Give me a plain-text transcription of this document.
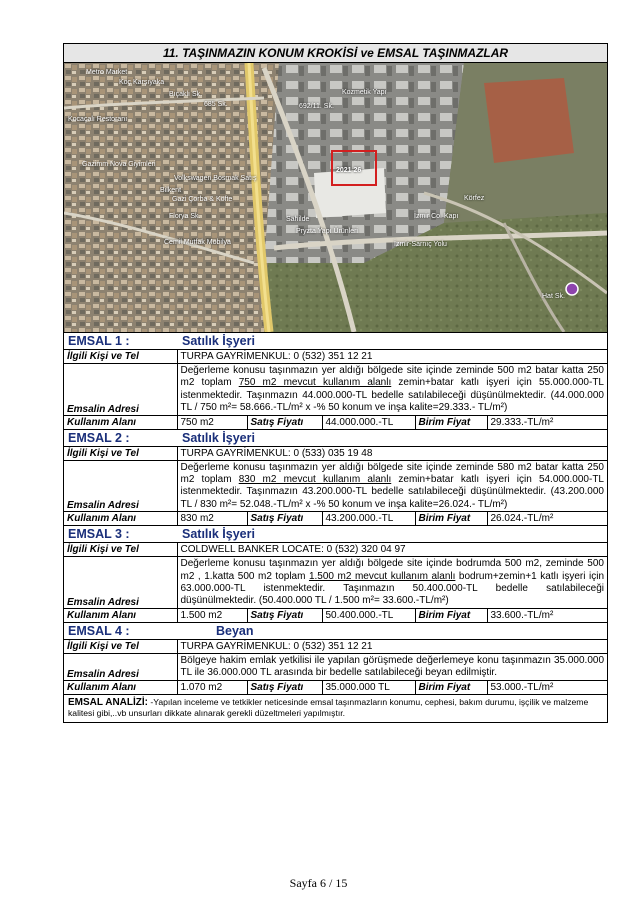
11. TAŞINMAZIN KONUM KROKİSİ ve EMSAL TAŞINMAZLAR
Metro Market
Koç Karşıyaka
Bıçaklı Sk.
692/11. Sk.
685 Sk.
Kocaçalı Restoranı
Kozmetik Yapı
Gazimm Nova Giyimleri
Volkswagen Bosmak Satış
Bilkent
Gazi Çorba & Köfte
Florya Sk.
Cemil Mutfak Mobilya
Sahilde
Pryzta Yapı Ürünleri
İzmir Co. Kapı
İzmir-Sarnıç Yolu
Körfez
Hat Sk.
2021 26
EMSAL 1 :	Satılık İşyeri
İlgili Kişi ve Tel	TURPA GAYRİMENKUL: 0 (532) 351 12 21				
Emsalin Adresi	Değerleme konusu taşınmazın yer aldığı bölgede site içinde zeminde 500 m2 batar katta 250 m2 toplam 750 m2 mevcut kullanım alanlı zemin+batar katlı işyeri için 55.000.000-TL istenmektedir. Taşınmazın 44.000.000-TL bedelle satılabileceği düşünülmektedir. (44.000.000 TL / 750 m²= 58.666.-TL/m² x -% 50 konum ve inşa kalite=29.333.- TL/m²)				
Kullanım Alanı	750 m2	Satış Fiyatı	44.000.000.-TL	Birim Fiyat	29.333.-TL/m²
EMSAL 2 :	Satılık İşyeri
İlgili Kişi ve Tel	TURPA GAYRİMENKUL: 0 (533) 035 19 48				
Emsalin Adresi	Değerleme konusu taşınmazın yer aldığı bölgede site içinde zeminde 580 m2 batar katta 250 m2 toplam 830 m2 mevcut kullanım alanlı zemin+batar katlı işyeri için 54.000.000-TL istenmektedir. Taşınmazın 43.200.000-TL bedelle satılabileceği düşünülmektedir. (43.200.000 TL / 830 m²= 52.048.-TL/m² x -% 50 konum ve inşa kalite=26.024.- TL/m²)				
Kullanım Alanı	830 m2	Satış Fiyatı	43.200.000.-TL	Birim Fiyat	26.024.-TL/m²
EMSAL 3 :	Satılık İşyeri
İlgili Kişi ve Tel	COLDWELL BANKER LOCATE: 0 (532) 320 04 97				
Emsalin Adresi	Değerleme konusu taşınmazın yer aldığı bölgede site içinde bodrumda 500 m2, zeminde 500 m2 , 1.katta 500 m2 toplam 1.500 m2 mevcut kullanım alanlı bodrum+zemin+1 katlı işyeri için 63.000.000-TL istenmektedir. Taşınmazın 50.400.000-TL bedelle satılabileceği düşünülmektedir. (50.400.000 TL / 1.500 m²= 33.600.-TL/m²)				
Kullanım Alanı	1.500 m2	Satış Fiyatı	50.400.000.-TL	Birim Fiyat	33.600.-TL/m²
EMSAL 4 :	Beyan
İlgili Kişi ve Tel	TURPA GAYRİMENKUL: 0 (532) 351 12 21				
Emsalin Adresi	Bölgeye hakim emlak yetkilisi ile yapılan görüşmede değerlemeye konu taşınmazın 35.000.000 TL ile 36.000.000 TL arasında bir bedelle satılabileceği beyan edilmiştir.				
Kullanım Alanı	1.070 m2	Satış Fiyatı	35.000.000 TL	Birim Fiyat	53.000.-TL/m²
EMSAL ANALİZİ: -Yapılan inceleme ve tetkikler neticesinde emsal taşınmazların konumu, cephesi, bakım durumu, işçilik ve malzeme kalitesi gibi,..vb unsurları dikkate alınarak gerekli düzeltmeleri yapılmıştır.
Sayfa 6 / 15
